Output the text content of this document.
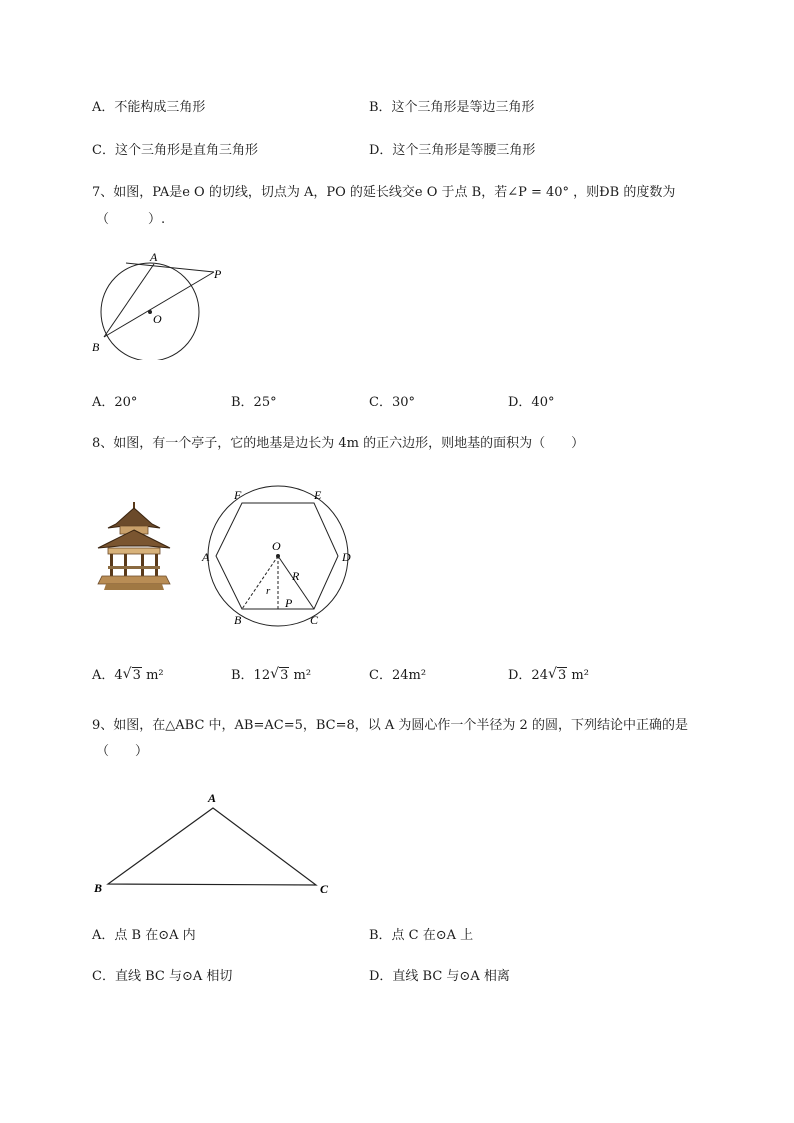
A．不能构成三角形	B．这个三角形是等边三角形
C．这个三角形是直角三角形	D．这个三角形是等腰三角形
7、如图，PA是e O 的切线，切点为 A，PO 的延长线交e O 于点 B，若∠P = 40° ，则ÐB 的度数为
（　　　）.
A
P
O
B
A．20°	B．25°	C．30°	D．40°
8、如图，有一个亭子，它的地基是边长为 4m 的正六边形，则地基的面积为（　　）
F	E
A	D
O
R
r
P
B	C
A．4 √ 3 m²	B．12 √ 3 m²	C．24m²	D．24 √ 3 m²
9、如图，在△ABC 中，AB=AC=5，BC=8，以 A 为圆心作一个半径为 2 的圆，下列结论中正确的是
（　　）
A
B	C
A．点 B 在⊙A 内	B．点 C 在⊙A 上
C．直线 BC 与⊙A 相切	D．直线 BC 与⊙A 相离
